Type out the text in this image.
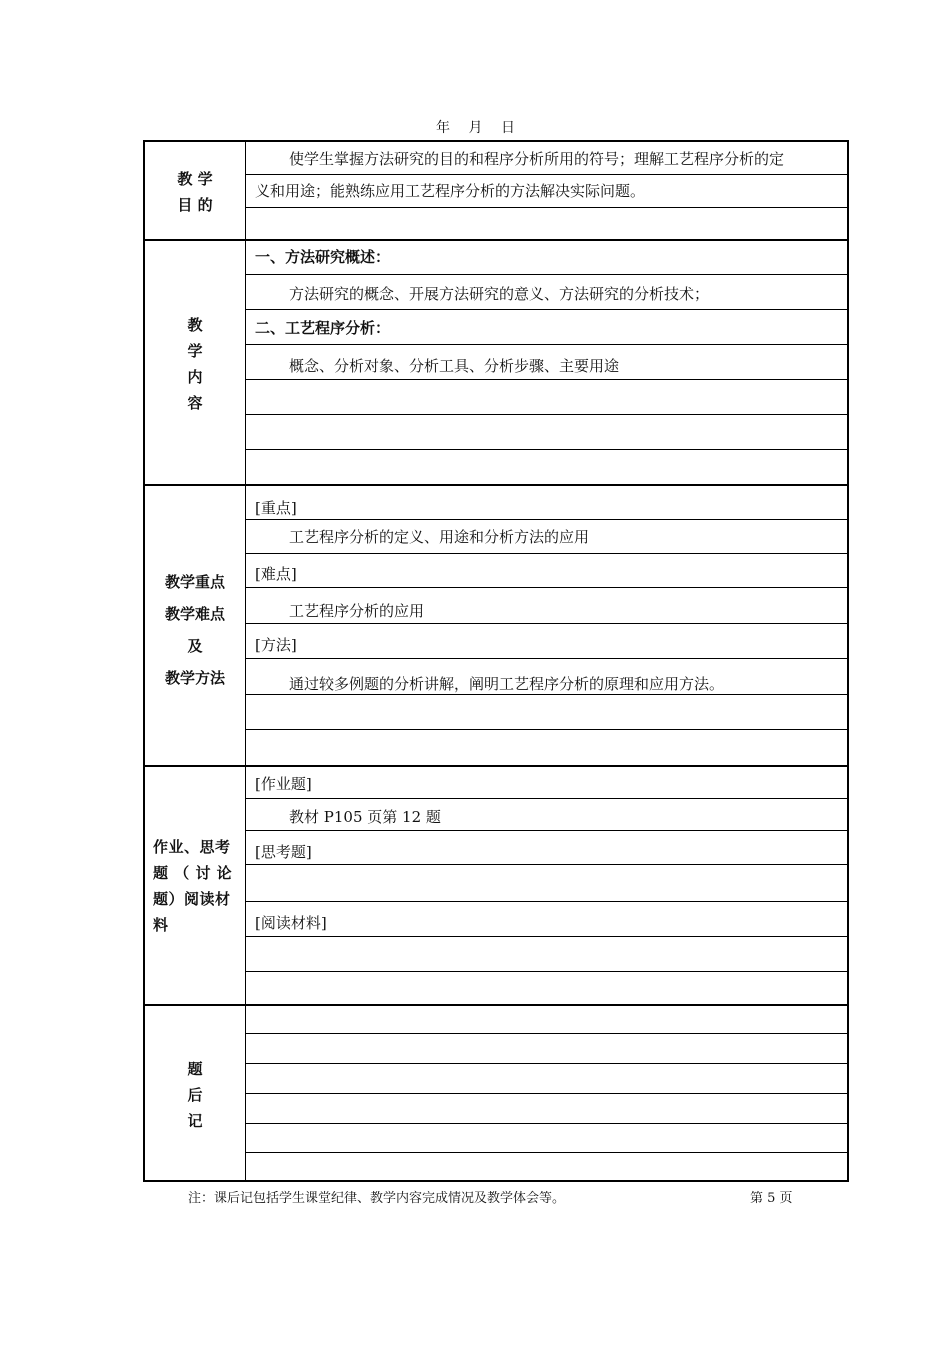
年 月 日
教 学
目 的
使学生掌握方法研究的目的和程序分析所用的符号；理解工艺程序分析的定
义和用途；能熟练应用工艺程序分析的方法解决实际问题。
教
学
内
容
一、方法研究概述：
方法研究的概念、开展方法研究的意义、方法研究的分析技术；
二、工艺程序分析：
概念、分析对象、分析工具、分析步骤、主要用途
教学重点
教学难点
及
教学方法
[重点]
工艺程序分析的定义、用途和分析方法的应用
[难点]
工艺程序分析的应用
[方法]
通过较多例题的分析讲解，阐明工艺程序分析的原理和应用方法。
作业、思考
题 （ 讨 论
题）阅读材
料
[作业题]
教材 P105 页第 12 题
[思考题]
[阅读材料]
题
后
记
注：课后记包括学生课堂纪律、教学内容完成情况及教学体会等。	第 5 页
